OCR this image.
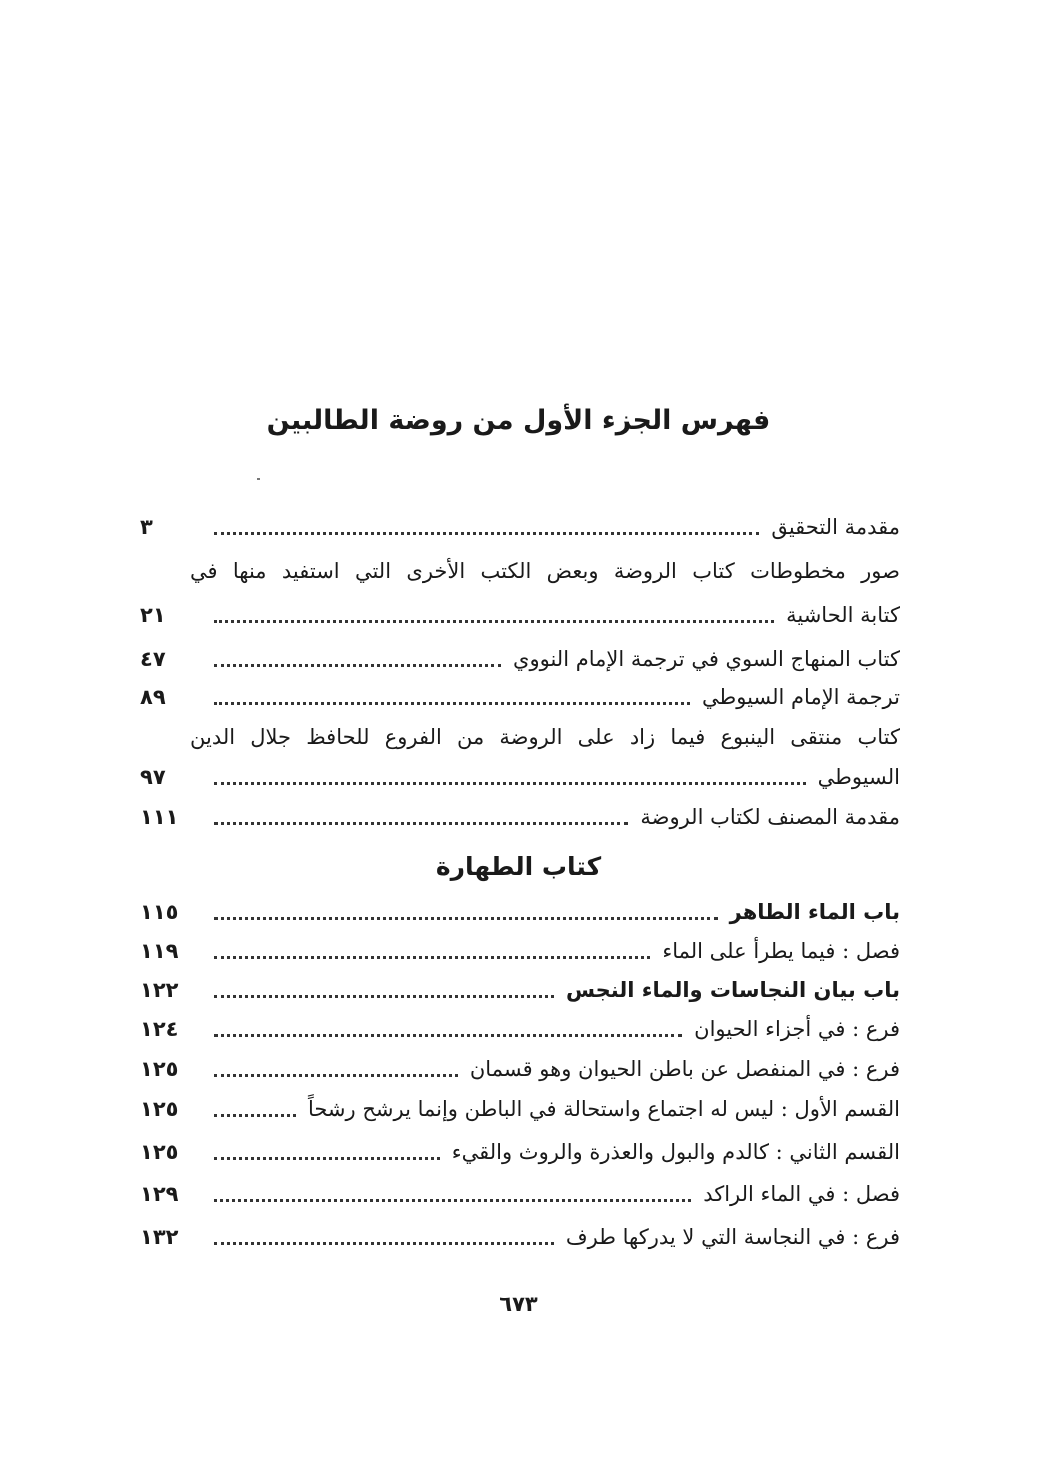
فهرس الجزء الأول من روضة الطالبين
مقدمة التحقيق
٣
صور مخطوطات كتاب الروضة وبعض الكتب الأخرى التي استفيد منها في
كتابة الحاشية
٢١
كتاب المنهاج السوي في ترجمة الإمام النووي
٤٧
ترجمة الإمام السيوطي
٨٩
كتاب منتقى الينبوع فيما زاد على الروضة من الفروع للحافظ جلال الدين
السيوطي
٩٧
مقدمة المصنف لكتاب الروضة
١١١
كتاب الطهارة
باب الماء الطاهر
١١٥
فصل : فيما يطرأ على الماء
١١٩
باب بيان النجاسات والماء النجس
١٢٢
فرع : في أجزاء الحيوان
١٢٤
فرع : في المنفصل عن باطن الحيوان وهو قسمان
١٢٥
القسم الأول : ليس له اجتماع واستحالة في الباطن وإنما يرشح رشحاً
١٢٥
القسم الثاني : كالدم والبول والعذرة والروث والقيء
١٢٥
فصل : في الماء الراكد
١٢٩
فرع : في النجاسة التي لا يدركها طرف
١٣٢
٦٧٣
